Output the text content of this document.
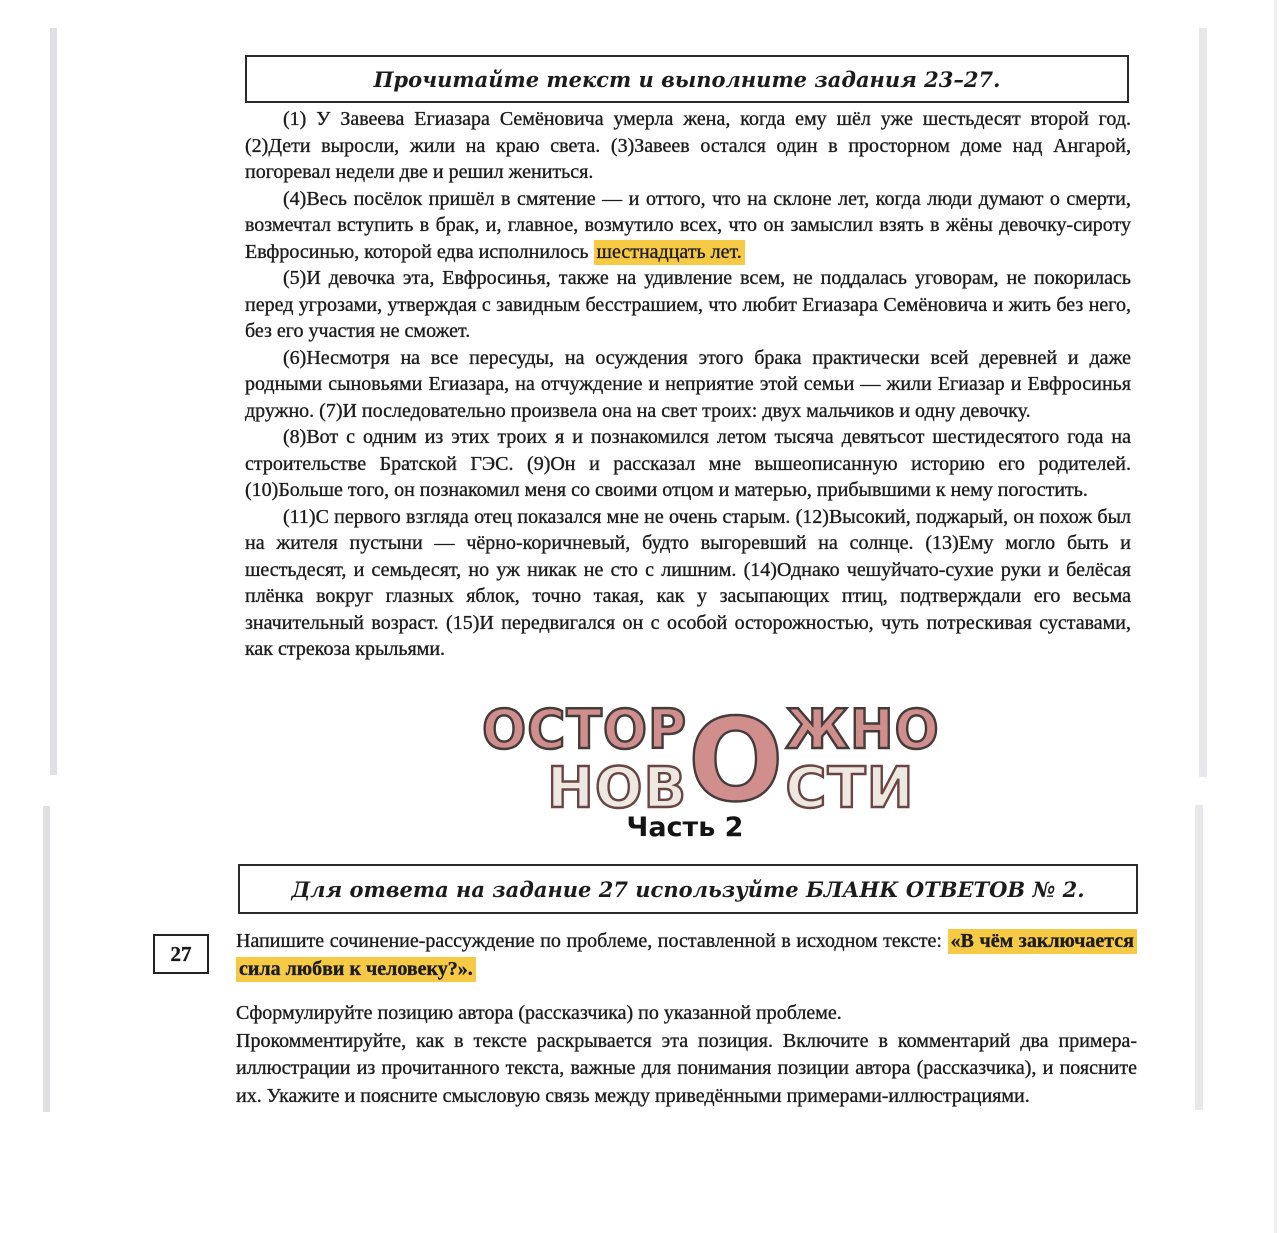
Прочитайте текст и выполните задания 23–27.

(1) У Завеева Егиазара Семёновича умерла жена, когда ему шёл уже шестьдесят второй год. (2)Дети выросли, жили на краю света. (3)Завеев остался один в просторном доме над Ангарой, погоревал недели две и решил жениться.

(4)Весь посёлок пришёл в смятение — и оттого, что на склоне лет, когда люди думают о смерти, возмечтал вступить в брак, и, главное, возмутило всех, что он замыслил взять в жёны девочку-сироту Евфросинью, которой едва исполнилось шестнадцать лет.

(5)И девочка эта, Евфросинья, также на удивление всем, не поддалась уговорам, не покорилась перед угрозами, утверждая с завидным бесстрашием, что любит Егиазара Семёновича и жить без него, без его участия не сможет.

(6)Несмотря на все пересуды, на осуждения этого брака практически всей деревней и даже родными сыновьями Егиазара, на отчуждение и неприятие этой семьи — жили Егиазар и Евфросинья дружно. (7)И последовательно произвела она на свет троих: двух мальчиков и одну девочку.

(8)Вот с одним из этих троих я и познакомился летом тысяча девятьсот шестидесятого года на строительстве Братской ГЭС. (9)Он и рассказал мне вышеописанную историю его родителей. (10)Больше того, он познакомил меня со своими отцом и матерью, прибывшими к нему погостить.

(11)С первого взгляда отец показался мне не очень старым. (12)Высокий, поджарый, он похож был на жителя пустыни — чёрно-коричневый, будто выгоревший на солнце. (13)Ему могло быть и шестьдесят, и семьдесят, но уж никак не сто с лишним. (14)Однако чешуйчато-сухие руки и белёсая плёнка вокруг глазных яблок, точно такая, как у засыпающих птиц, подтверждали его весьма значительный возраст. (15)И передвигался он с особой осторожностью, чуть потрескивая суставами, как стрекоза крыльями.

ОСТОР
НОВ О ЖНО
СТИ
Часть 2
Для ответа на задание 27 используйте БЛАНК ОТВЕТОВ № 2.
27

Напишите сочинение-рассуждение по проблеме, поставленной в исходном тексте: «В чём заключается сила любви к человеку?».

Сформулируйте позицию автора (рассказчика) по указанной проблеме.

Прокомментируйте, как в тексте раскрывается эта позиция. Включите в комментарий два примера-иллюстрации из прочитанного текста, важные для понимания позиции автора (рассказчика), и поясните их. Укажите и поясните смысловую связь между приведёнными примерами-иллюстрациями.
